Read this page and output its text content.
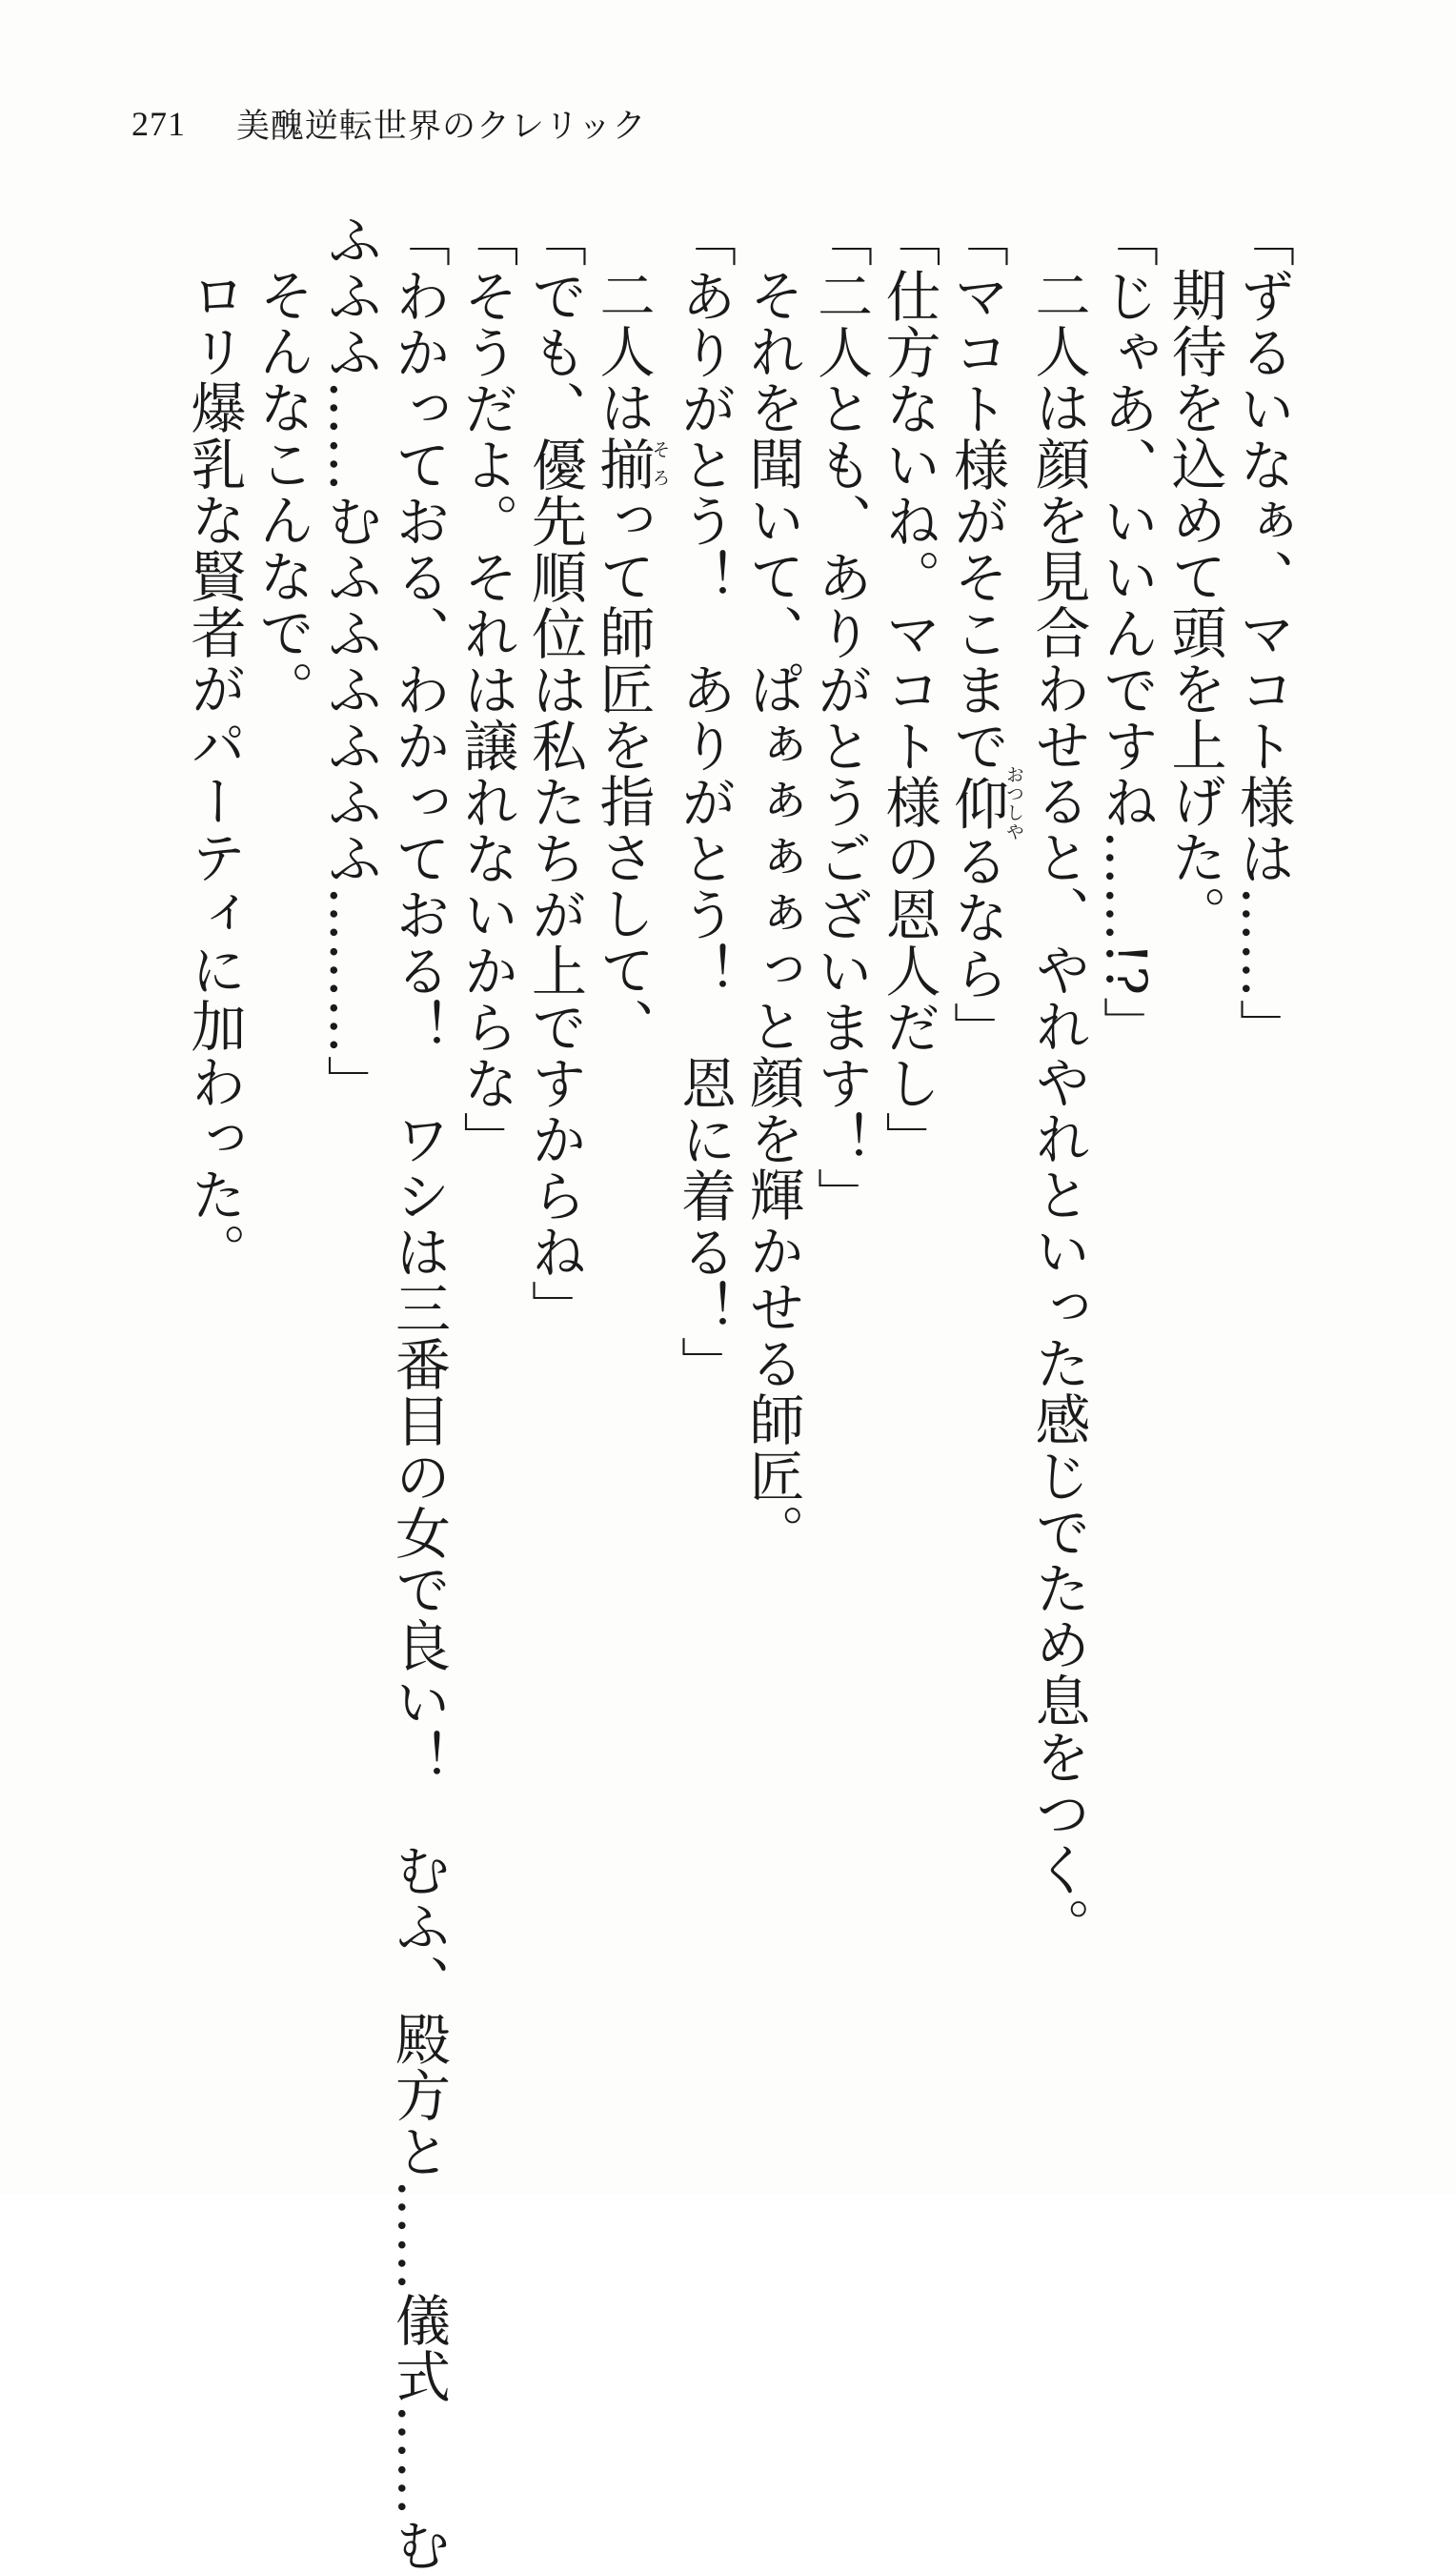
271	美醜逆転世界のクレリック
「ずるいなぁ、マコト様は……」
期待を込めて頭を上げた。
「じゃあ、いいんですね……!?」
二人は顔を見合わせると、やれやれといった感じでため息をつく。
「マコト様がそこまで仰おつしやるなら」
「仕方ないね。マコト様の恩人だし」
「二人とも、ありがとうございます！」
それを聞いて、ぱぁぁぁぁっと顔を輝かせる師匠。
「ありがとう！　ありがとう！　恩に着る！」
二人は揃そろって師匠を指さして、
「でも、優先順位は私たちが上ですからね」
「そうだよ。それは譲れないからな」
「わかっておる、わかっておる！　ワシは三番目の女で良い！　むふ、殿方と……儀式……む
ふふふ……むふふふふふふ………」
そんなこんなで。
ロリ爆乳な賢者がパーティに加わった。
